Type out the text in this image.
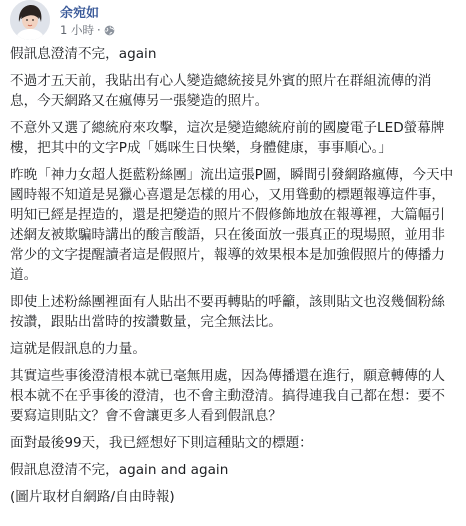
余宛如
1 小時 ·

假訊息澄清不完，again

不過才五天前，我貼出有心人變造總統接見外賓的照片在群組流傳的消息，今天網路又在瘋傳另一張變造的照片。

不意外又選了總統府來攻擊，這次是變造總統府前的國慶電子LED螢幕牌樓，把其中的文字P成「媽咪生日快樂，身體健康，事事順心。」

昨晚「神力女超人挺藍粉絲團」流出這張P圖，瞬間引發網路瘋傳，今天中國時報不知道是晃獵心喜還是怎樣的用心，又用聳動的標題報導這件事，明知已經是捏造的，還是把變造的照片不假修飾地放在報導裡，大篇幅引述網友被欺騙時講出的酸言酸語，只在後面放一張真正的現場照，並用非常少的文字提醒讀者這是假照片，報導的效果根本是加強假照片的傳播力道。

即使上述粉絲團裡面有人貼出不要再轉貼的呼籲，該則貼文也沒幾個粉絲按讚，跟貼出當時的按讚數量，完全無法比。

這就是假訊息的力量。

其實這些事後澄清根本就已毫無用處，因為傳播還在進行，願意轉傳的人根本就不在乎事後的澄清，也不會主動澄清。搞得連我自己都在想：要不要寫這則貼文？會不會讓更多人看到假訊息？

面對最後99天，我已經想好下則這種貼文的標題：

假訊息澄清不完，again and again

(圖片取材自網路/自由時報)
